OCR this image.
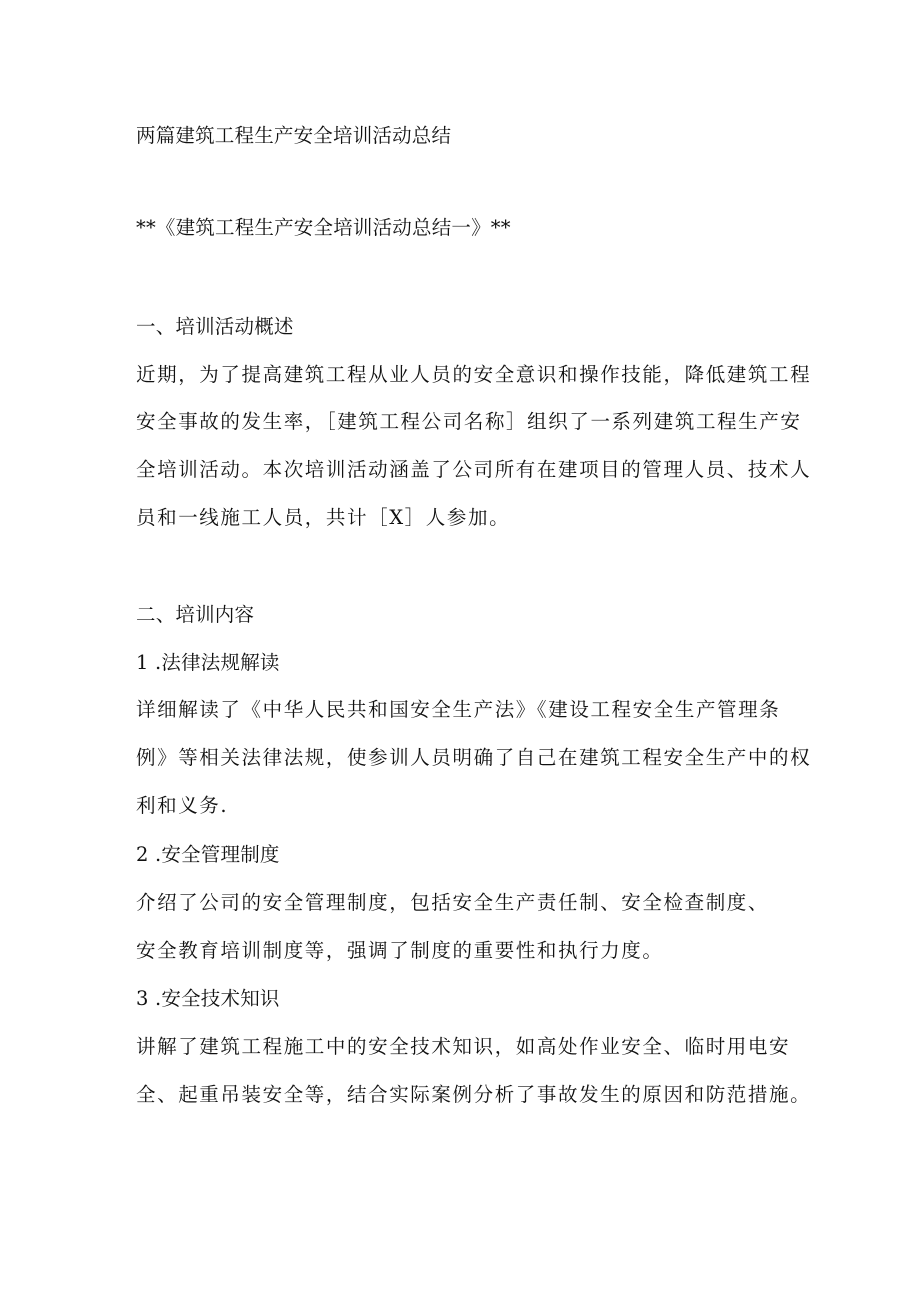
两篇建筑工程生产安全培训活动总结

**《建筑工程生产安全培训活动总结一》**

一、培训活动概述

近期，为了提高建筑工程从业人员的安全意识和操作技能，降低建筑工程

安全事故的发生率，［建筑工程公司名称］组织了一系列建筑工程生产安

全培训活动。本次培训活动涵盖了公司所有在建项目的管理人员、技术人

员和一线施工人员，共计［X］人参加。

二、培训内容

1 .法律法规解读

详细解读了《中华人民共和国安全生产法》《建设工程安全生产管理条

例》等相关法律法规，使参训人员明确了自己在建筑工程安全生产中的权

利和义务.

2 .安全管理制度

介绍了公司的安全管理制度，包括安全生产责任制、安全检查制度、

安全教育培训制度等，强调了制度的重要性和执行力度。

3 .安全技术知识

讲解了建筑工程施工中的安全技术知识，如高处作业安全、临时用电安

全、起重吊装安全等，结合实际案例分析了事故发生的原因和防范措施。
